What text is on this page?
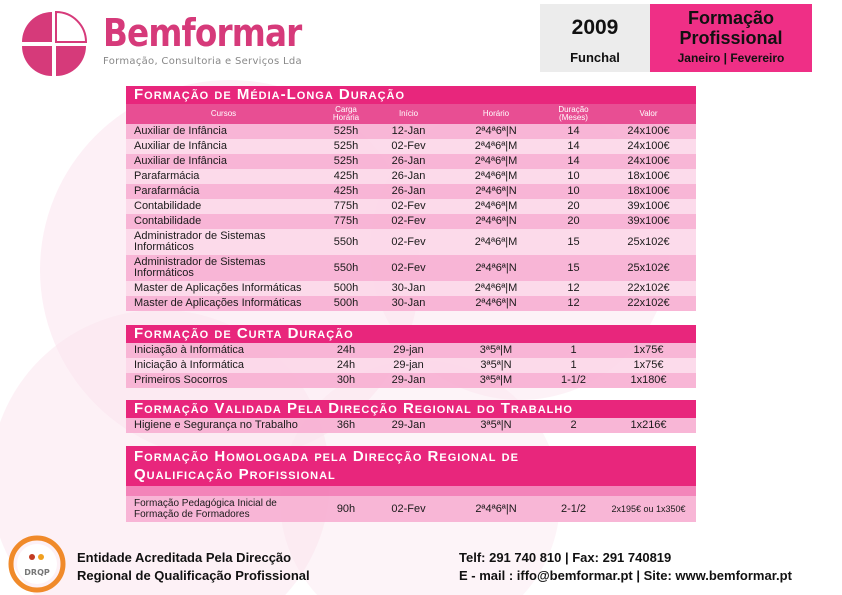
Bemformar
Formação, Consultoria e Serviços Lda
2009
Funchal
Formação
Profissional
Janeiro | Fevereiro
Formação de Média-Longa Duração
Cursos	Carga Horária	Início	Horário	Duração (Meses)	Valor
Auxiliar de Infância	525h	12-Jan	2ª4ª6ª|N	14	24x100€
Auxiliar de Infância	525h	02-Fev	2ª4ª6ª|M	14	24x100€
Auxiliar de Infância	525h	26-Jan	2ª4ª6ª|M	14	24x100€
Parafarmácia	425h	26-Jan	2ª4ª6ª|M	10	18x100€
Parafarmácia	425h	26-Jan	2ª4ª6ª|N	10	18x100€
Contabilidade	775h	02-Fev	2ª4ª6ª|M	20	39x100€
Contabilidade	775h	02-Fev	2ª4ª6ª|N	20	39x100€
Administrador de Sistemas Informáticos	550h	02-Fev	2ª4ª6ª|M	15	25x102€
Administrador de Sistemas Informáticos	550h	02-Fev	2ª4ª6ª|N	15	25x102€
Master de Aplicações Informáticas	500h	30-Jan	2ª4ª6ª|M	12	22x102€
Master de Aplicações Informáticas	500h	30-Jan	2ª4ª6ª|N	12	22x102€
Formação de Curta Duração
Iniciação à Informática	24h	29-jan	3ª5ª|M	1	1x75€
Iniciação à Informática	24h	29-jan	3ª5ª|N	1	1x75€
Primeiros Socorros	30h	29-Jan	3ª5ª|M	1-1/2	1x180€
Formação Validada Pela Direcção Regional do Trabalho
Higiene e Segurança no Trabalho	36h	29-Jan	3ª5ª|N	2	1x216€
Formação Homologada pela Direcção Regional de
Qualificação Profissional

Formação Pedagógica Inicial de Formação de Formadores	90h	02-Fev	2ª4ª6ª|N	2-1/2	2x195€ ou 1x350€
DRQP
Entidade Acreditada Pela Direcção
Regional de Qualificação Profissional
Telf: 291 740 810 | Fax: 291 740819
E - mail : iffo@bemformar.pt | Site: www.bemformar.pt
